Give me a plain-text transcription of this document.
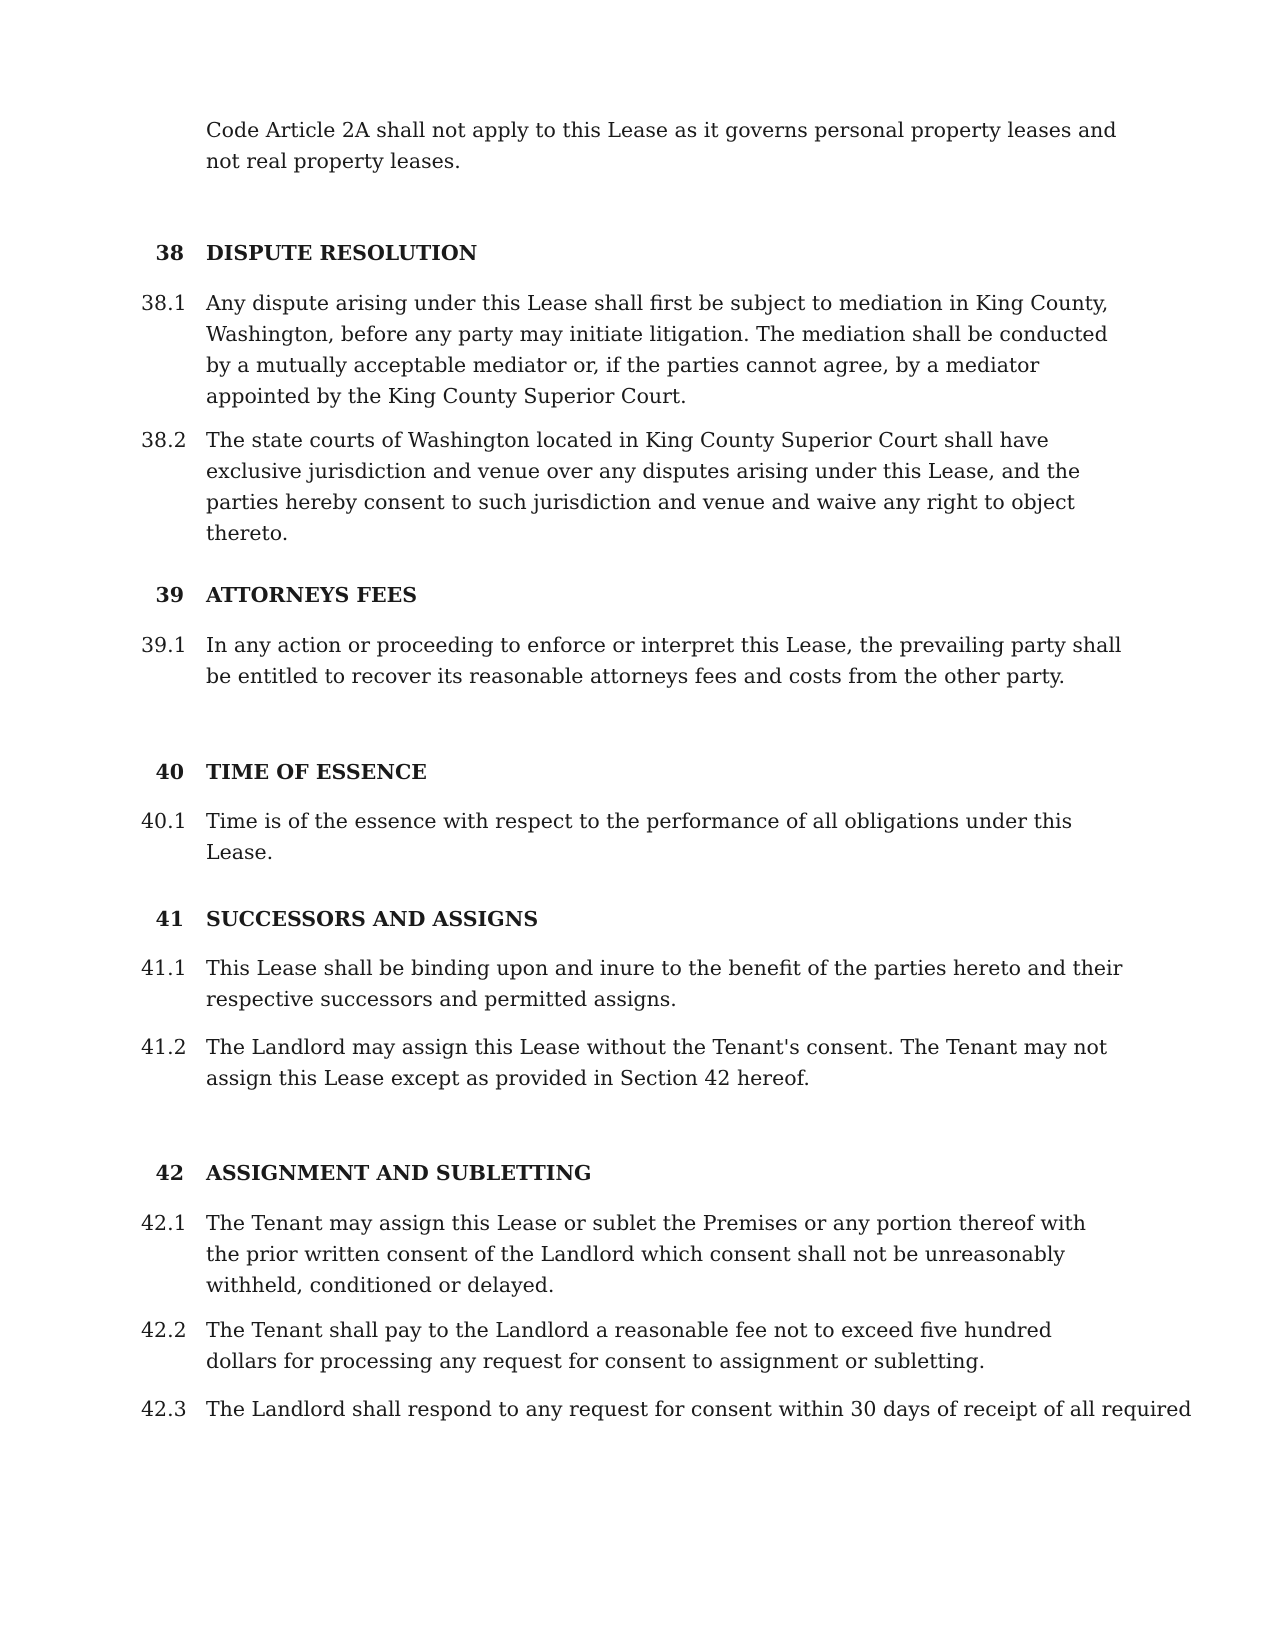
Code Article 2A shall not apply to this Lease as it governs personal property leases and not real property leases.
38 DISPUTE RESOLUTION
38.1 Any dispute arising under this Lease shall first be subject to mediation in King County, Washington, before any party may initiate litigation. The mediation shall be conducted by a mutually acceptable mediator or, if the parties cannot agree, by a mediator appointed by the King County Superior Court.
38.2 The state courts of Washington located in King County Superior Court shall have exclusive jurisdiction and venue over any disputes arising under this Lease, and the parties hereby consent to such jurisdiction and venue and waive any right to object thereto.
39 ATTORNEYS FEES
39.1 In any action or proceeding to enforce or interpret this Lease, the prevailing party shall be entitled to recover its reasonable attorneys fees and costs from the other party.
40 TIME OF ESSENCE
40.1 Time is of the essence with respect to the performance of all obligations under this Lease.
41 SUCCESSORS AND ASSIGNS
41.1 This Lease shall be binding upon and inure to the benefit of the parties hereto and their respective successors and permitted assigns.
41.2 The Landlord may assign this Lease without the Tenant's consent. The Tenant may not assign this Lease except as provided in Section 42 hereof.
42 ASSIGNMENT AND SUBLETTING
42.1 The Tenant may assign this Lease or sublet the Premises or any portion thereof with the prior written consent of the Landlord which consent shall not be unreasonably withheld, conditioned or delayed.
42.2 The Tenant shall pay to the Landlord a reasonable fee not to exceed five hundred dollars for processing any request for consent to assignment or subletting.
42.3 The Landlord shall respond to any request for consent within 30 days of receipt of all required
